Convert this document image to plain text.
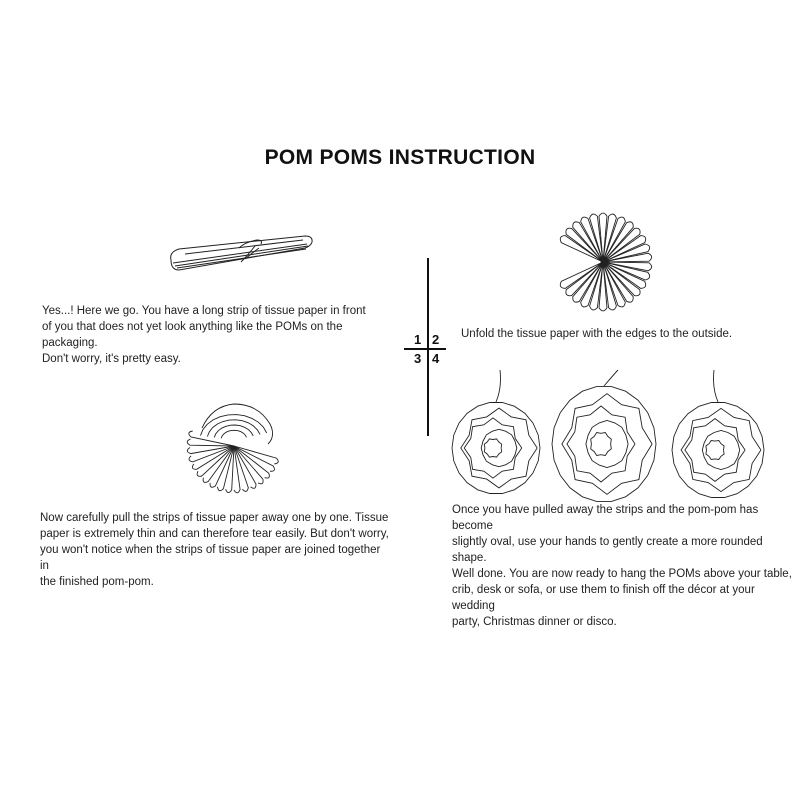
POM POMS INSTRUCTION
1 2
3 4
Yes...! Here we go. You have a long strip of tissue paper in front
of you that does not yet look anything like the POMs on the packaging.
Don't worry, it's pretty easy.
Unfold the tissue paper with the edges to the outside.
Now carefully pull the strips of tissue paper away one by one. Tissue
paper is extremely thin and can therefore tear easily. But don't worry,
you won't notice when the strips of tissue paper are joined together in
the finished pom-pom.
Once you have pulled away the strips and the pom-pom has become
slightly oval, use your hands to gently create a more rounded shape.
Well done. You are now ready to hang the POMs above your table,
crib, desk or sofa, or use them to finish off the décor at your wedding
party, Christmas dinner or disco.
